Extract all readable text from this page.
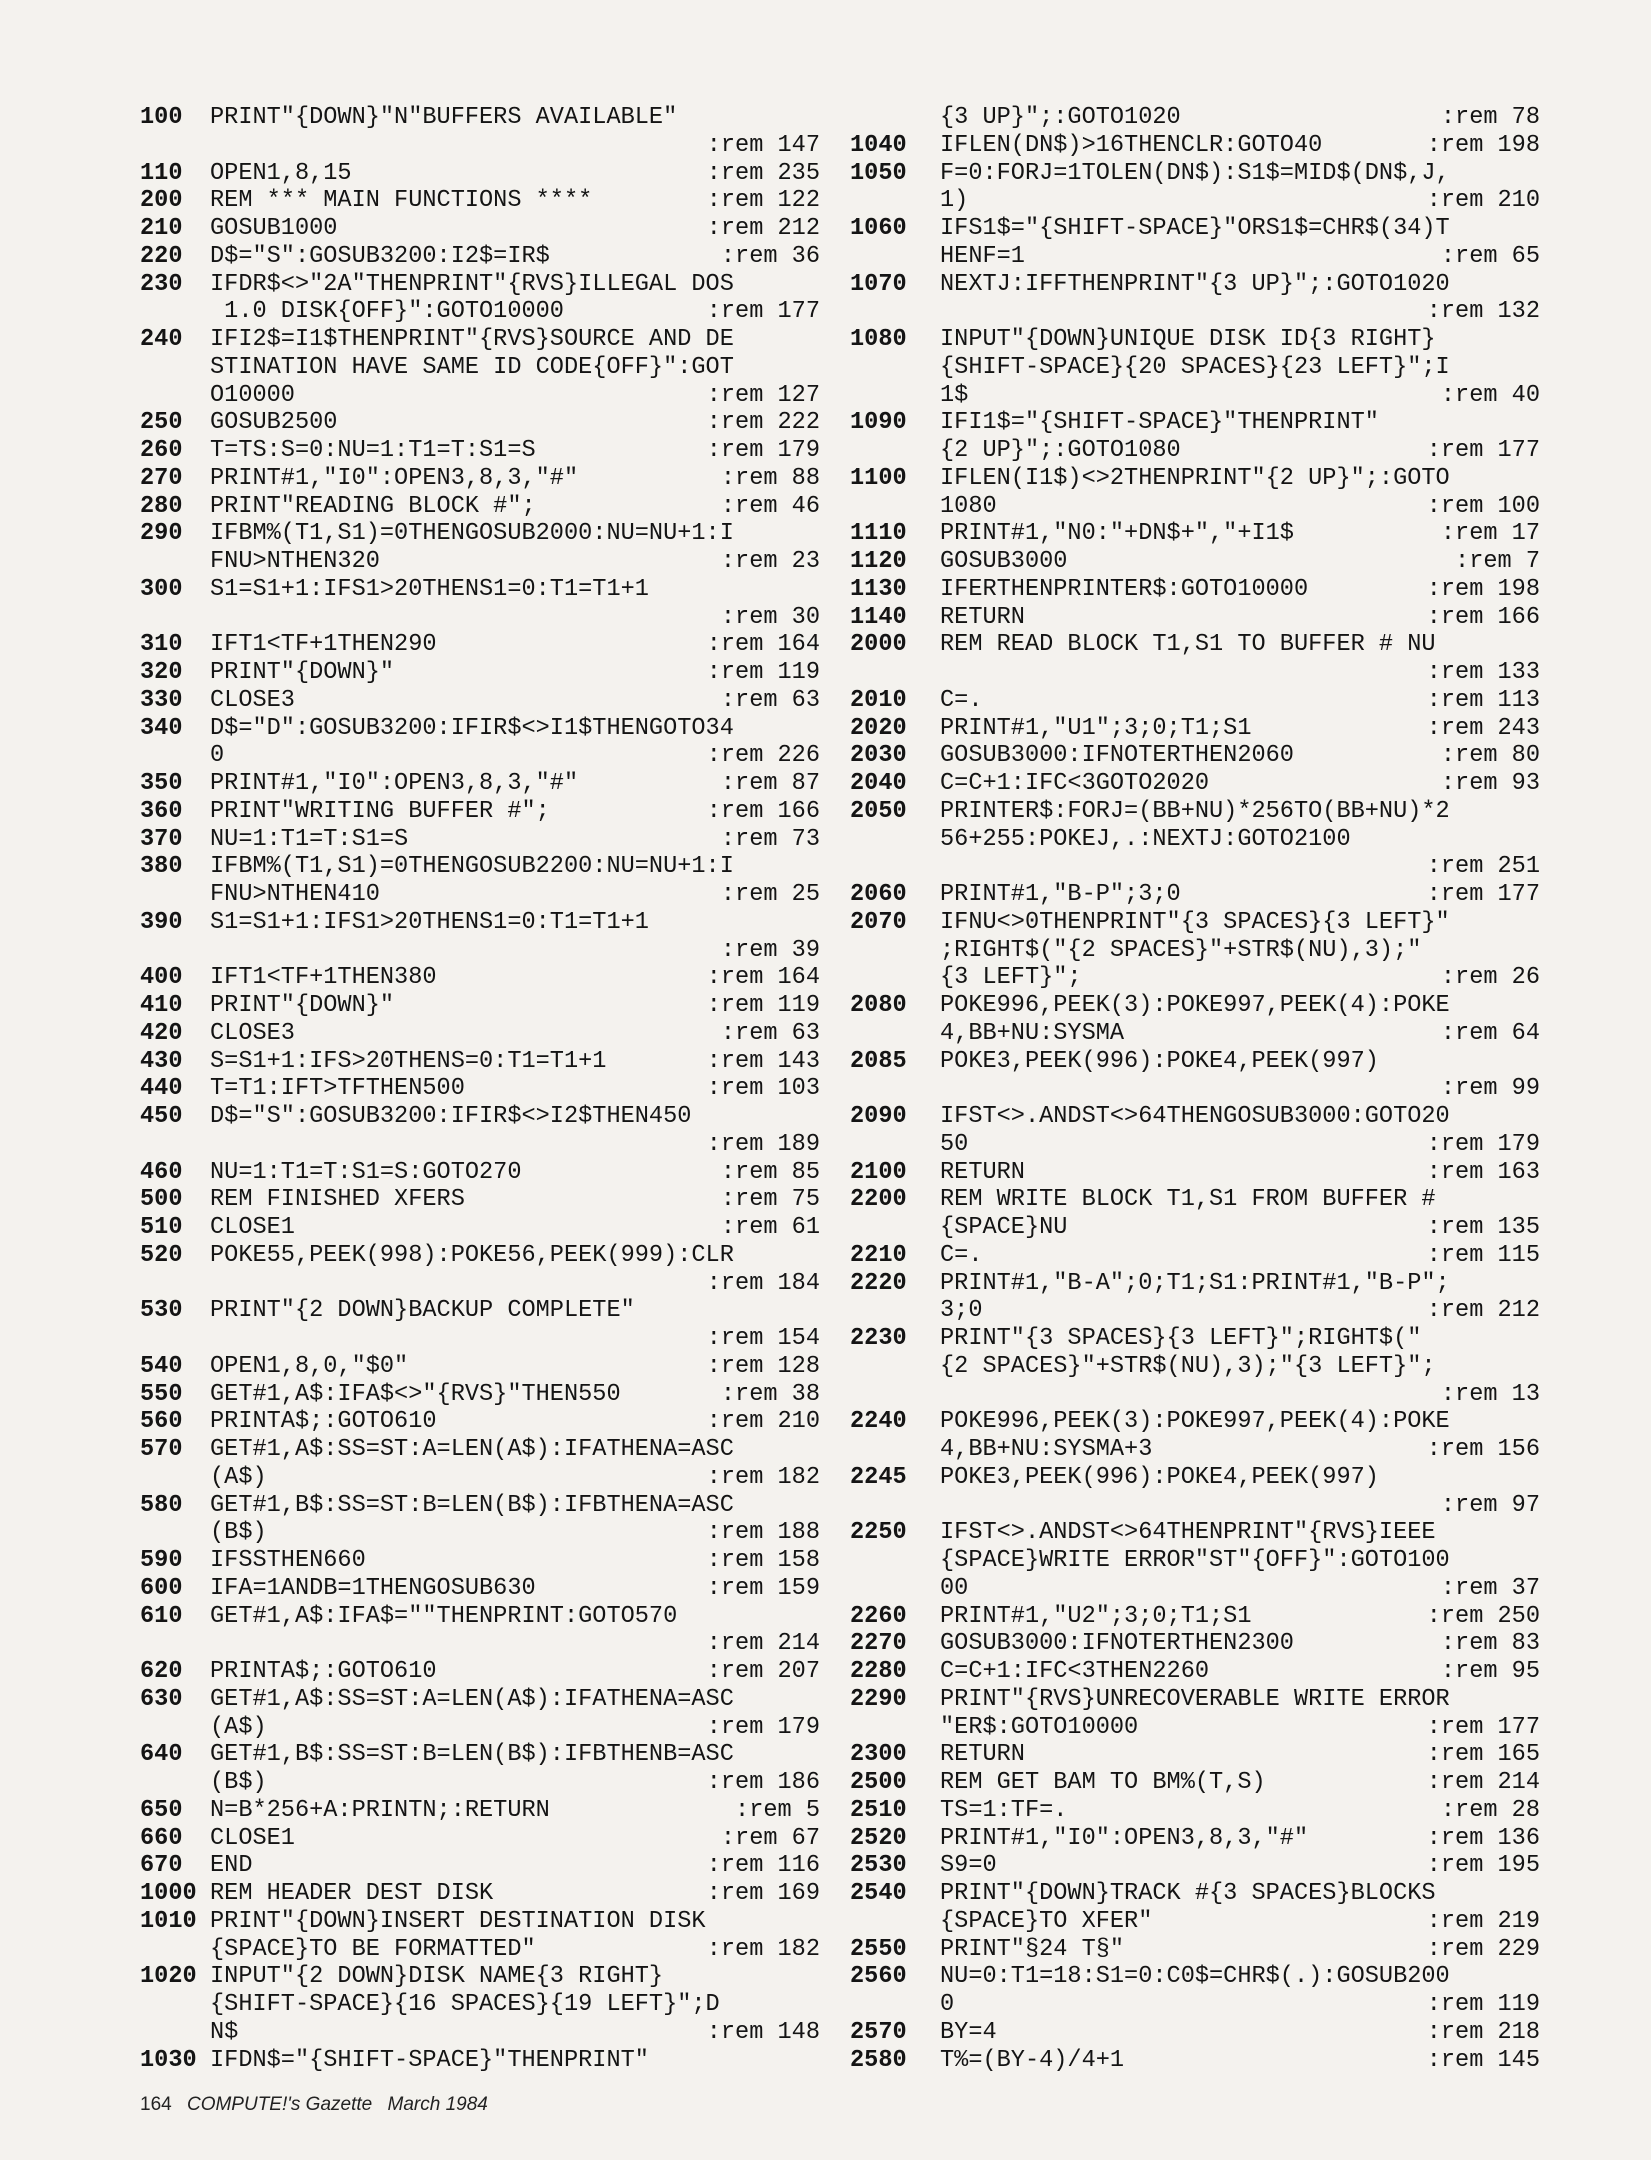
100	PRINT"{DOWN}"N"BUFFERS AVAILABLE"
:rem 147
110	OPEN1,8,15	:rem 235
200	REM *** MAIN FUNCTIONS ****	:rem 122
210	GOSUB1000	:rem 212
220	D$="S":GOSUB3200:I2$=IR$	:rem 36
230	IFDR$<>"2A"THENPRINT"{RVS}ILLEGAL DOS
1.0 DISK{OFF}":GOTO10000	:rem 177
240	IFI2$=I1$THENPRINT"{RVS}SOURCE AND DE
STINATION HAVE SAME ID CODE{OFF}":GOT
O10000	:rem 127
250	GOSUB2500	:rem 222
260	T=TS:S=0:NU=1:T1=T:S1=S	:rem 179
270	PRINT#1,"I0":OPEN3,8,3,"#"	:rem 88
280	PRINT"READING BLOCK #";	:rem 46
290	IFBM%(T1,S1)=0THENGOSUB2000:NU=NU+1:I
FNU>NTHEN320	:rem 23
300	S1=S1+1:IFS1>20THENS1=0:T1=T1+1
:rem 30
310	IFT1<TF+1THEN290	:rem 164
320	PRINT"{DOWN}"	:rem 119
330	CLOSE3	:rem 63
340	D$="D":GOSUB3200:IFIR$<>I1$THENGOTO34
0	:rem 226
350	PRINT#1,"I0":OPEN3,8,3,"#"	:rem 87
360	PRINT"WRITING BUFFER #";	:rem 166
370	NU=1:T1=T:S1=S	:rem 73
380	IFBM%(T1,S1)=0THENGOSUB2200:NU=NU+1:I
FNU>NTHEN410	:rem 25
390	S1=S1+1:IFS1>20THENS1=0:T1=T1+1
:rem 39
400	IFT1<TF+1THEN380	:rem 164
410	PRINT"{DOWN}"	:rem 119
420	CLOSE3	:rem 63
430	S=S1+1:IFS>20THENS=0:T1=T1+1	:rem 143
440	T=T1:IFT>TFTHEN500	:rem 103
450	D$="S":GOSUB3200:IFIR$<>I2$THEN450
:rem 189
460	NU=1:T1=T:S1=S:GOTO270	:rem 85
500	REM FINISHED XFERS	:rem 75
510	CLOSE1	:rem 61
520	POKE55,PEEK(998):POKE56,PEEK(999):CLR
:rem 184
530	PRINT"{2 DOWN}BACKUP COMPLETE"
:rem 154
540	OPEN1,8,0,"$0"	:rem 128
550	GET#1,A$:IFA$<>"{RVS}"THEN550	:rem 38
560	PRINTA$;:GOTO610	:rem 210
570	GET#1,A$:SS=ST:A=LEN(A$):IFATHENA=ASC
(A$)	:rem 182
580	GET#1,B$:SS=ST:B=LEN(B$):IFBTHENA=ASC
(B$)	:rem 188
590	IFSSTHEN660	:rem 158
600	IFA=1ANDB=1THENGOSUB630	:rem 159
610	GET#1,A$:IFA$=""THENPRINT:GOTO570
:rem 214
620	PRINTA$;:GOTO610	:rem 207
630	GET#1,A$:SS=ST:A=LEN(A$):IFATHENA=ASC
(A$)	:rem 179
640	GET#1,B$:SS=ST:B=LEN(B$):IFBTHENB=ASC
(B$)	:rem 186
650	N=B*256+A:PRINTN;:RETURN	:rem 5
660	CLOSE1	:rem 67
670	END	:rem 116
1000 REM HEADER DEST DISK	:rem 169
1010 PRINT"{DOWN}INSERT DESTINATION DISK
{SPACE}TO BE FORMATTED"	:rem 182
1020 INPUT"{2 DOWN}DISK NAME{3 RIGHT}
{SHIFT-SPACE}{16 SPACES}{19 LEFT}";D
N$	:rem 148
1030 IFDN$="{SHIFT-SPACE}"THENPRINT"
{3 UP}";:GOTO1020	:rem 78
1040	IFLEN(DN$)>16THENCLR:GOTO40	:rem 198
1050	F=0:FORJ=1TOLEN(DN$):S1$=MID$(DN$,J,
1)	:rem 210
1060	IFS1$="{SHIFT-SPACE}"ORS1$=CHR$(34)T
HENF=1	:rem 65
1070	NEXTJ:IFFTHENPRINT"{3 UP}";:GOTO1020
:rem 132
1080	INPUT"{DOWN}UNIQUE DISK ID{3 RIGHT}
{SHIFT-SPACE}{20 SPACES}{23 LEFT}";I
1$	:rem 40
1090	IFI1$="{SHIFT-SPACE}"THENPRINT"
{2 UP}";:GOTO1080	:rem 177
1100	IFLEN(I1$)<>2THENPRINT"{2 UP}";:GOTO
1080	:rem 100
1110	PRINT#1,"N0:"+DN$+","+I1$	:rem 17
1120	GOSUB3000	:rem 7
1130	IFERTHENPRINTER$:GOTO10000	:rem 198
1140	RETURN	:rem 166
2000	REM READ BLOCK T1,S1 TO BUFFER # NU
:rem 133
2010	C=.	:rem 113
2020	PRINT#1,"U1";3;0;T1;S1	:rem 243
2030	GOSUB3000:IFNOTERTHEN2060	:rem 80
2040	C=C+1:IFC<3GOTO2020	:rem 93
2050	PRINTER$:FORJ=(BB+NU)*256TO(BB+NU)*2
56+255:POKEJ,.:NEXTJ:GOTO2100
:rem 251
2060	PRINT#1,"B-P";3;0	:rem 177
2070	IFNU<>0THENPRINT"{3 SPACES}{3 LEFT}"
;RIGHT$("{2 SPACES}"+STR$(NU),3);"
{3 LEFT}";	:rem 26
2080	POKE996,PEEK(3):POKE997,PEEK(4):POKE
4,BB+NU:SYSMA	:rem 64
2085	POKE3,PEEK(996):POKE4,PEEK(997)
:rem 99
2090	IFST<>.ANDST<>64THENGOSUB3000:GOTO20
50	:rem 179
2100	RETURN	:rem 163
2200	REM WRITE BLOCK T1,S1 FROM BUFFER #
{SPACE}NU	:rem 135
2210	C=.	:rem 115
2220	PRINT#1,"B-A";0;T1;S1:PRINT#1,"B-P";
3;0	:rem 212
2230	PRINT"{3 SPACES}{3 LEFT}";RIGHT$("
{2 SPACES}"+STR$(NU),3);"{3 LEFT}";
:rem 13
2240	POKE996,PEEK(3):POKE997,PEEK(4):POKE
4,BB+NU:SYSMA+3	:rem 156
2245	POKE3,PEEK(996):POKE4,PEEK(997)
:rem 97
2250	IFST<>.ANDST<>64THENPRINT"{RVS}IEEE
{SPACE}WRITE ERROR"ST"{OFF}":GOTO100
00	:rem 37
2260	PRINT#1,"U2";3;0;T1;S1	:rem 250
2270	GOSUB3000:IFNOTERTHEN2300	:rem 83
2280	C=C+1:IFC<3THEN2260	:rem 95
2290	PRINT"{RVS}UNRECOVERABLE WRITE ERROR
"ER$:GOTO10000	:rem 177
2300	RETURN	:rem 165
2500	REM GET BAM TO BM%(T,S)	:rem 214
2510	TS=1:TF=.	:rem 28
2520	PRINT#1,"I0":OPEN3,8,3,"#"	:rem 136
2530	S9=0	:rem 195
2540	PRINT"{DOWN}TRACK #{3 SPACES}BLOCKS
{SPACE}TO XFER"	:rem 219
2550	PRINT"§24 T§"	:rem 229
2560	NU=0:T1=18:S1=0:C0$=CHR$(.):GOSUB200
0	:rem 119
2570	BY=4	:rem 218
2580	T%=(BY-4)/4+1	:rem 145
164 COMPUTE!'s Gazette March 1984
